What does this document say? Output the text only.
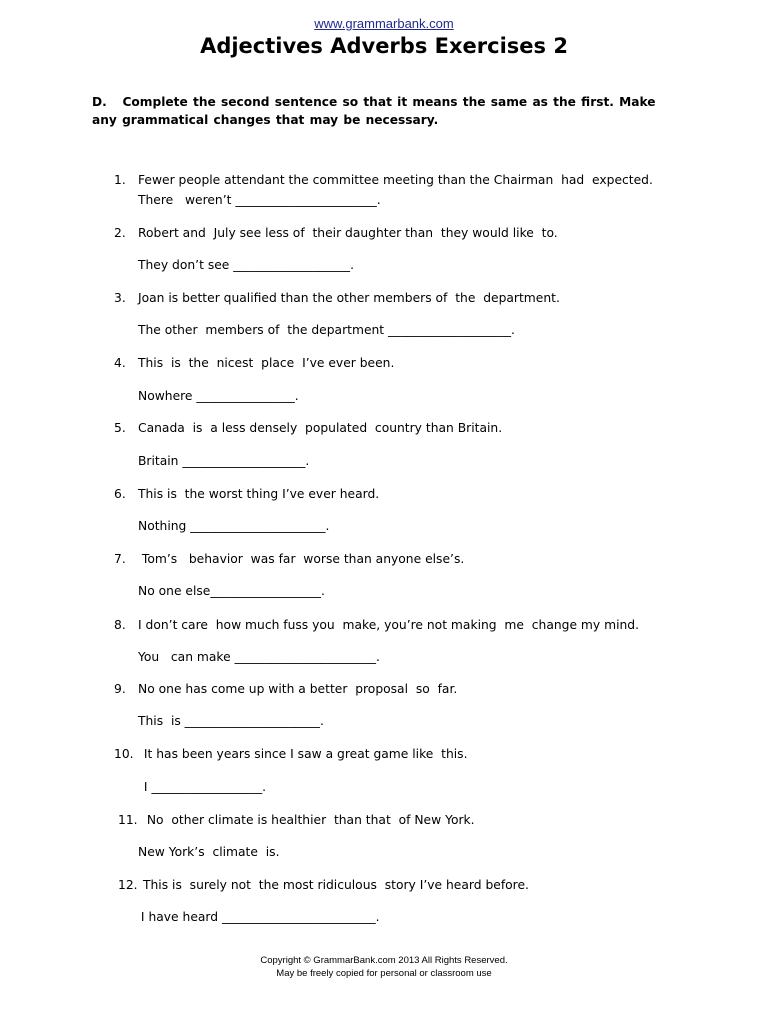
www.grammarbank.com
Adjectives Adverbs Exercises 2
D. Complete the second sentence so that it means the same as the first. Make any grammatical changes that may be necessary.
1. Fewer people attendant the committee meeting than the Chairman  had  expected.
There   weren’t _______________________.
2. Robert and  July see less of  their daughter than  they would like  to.
They don’t see ___________________.
3. Joan is better qualified than the other members of  the  department.
The other  members of  the department ____________________.
4. This  is  the  nicest  place  I’ve ever been.
Nowhere ________________.
5. Canada  is  a less densely  populated  country than Britain.
Britain ____________________.
6. This is  the worst thing I’ve ever heard.
Nothing ______________________.
7. Tom’s   behavior  was far  worse than anyone else’s.
No one else__________________.
8. I don’t care  how much fuss you  make, you’re not making  me  change my mind.
You   can make _______________________.
9. No one has come up with a better  proposal  so  far.
This  is ______________________.
10. It has been years since I saw a great game like  this.
I __________________.
11. No  other climate is healthier  than that  of New York.
New York’s  climate  is.
12. This is  surely not  the most ridiculous  story I’ve heard before.
I have heard _________________________.
Copyright © GrammarBank.com 2013 All Rights Reserved.
May be freely copied for personal or classroom use
